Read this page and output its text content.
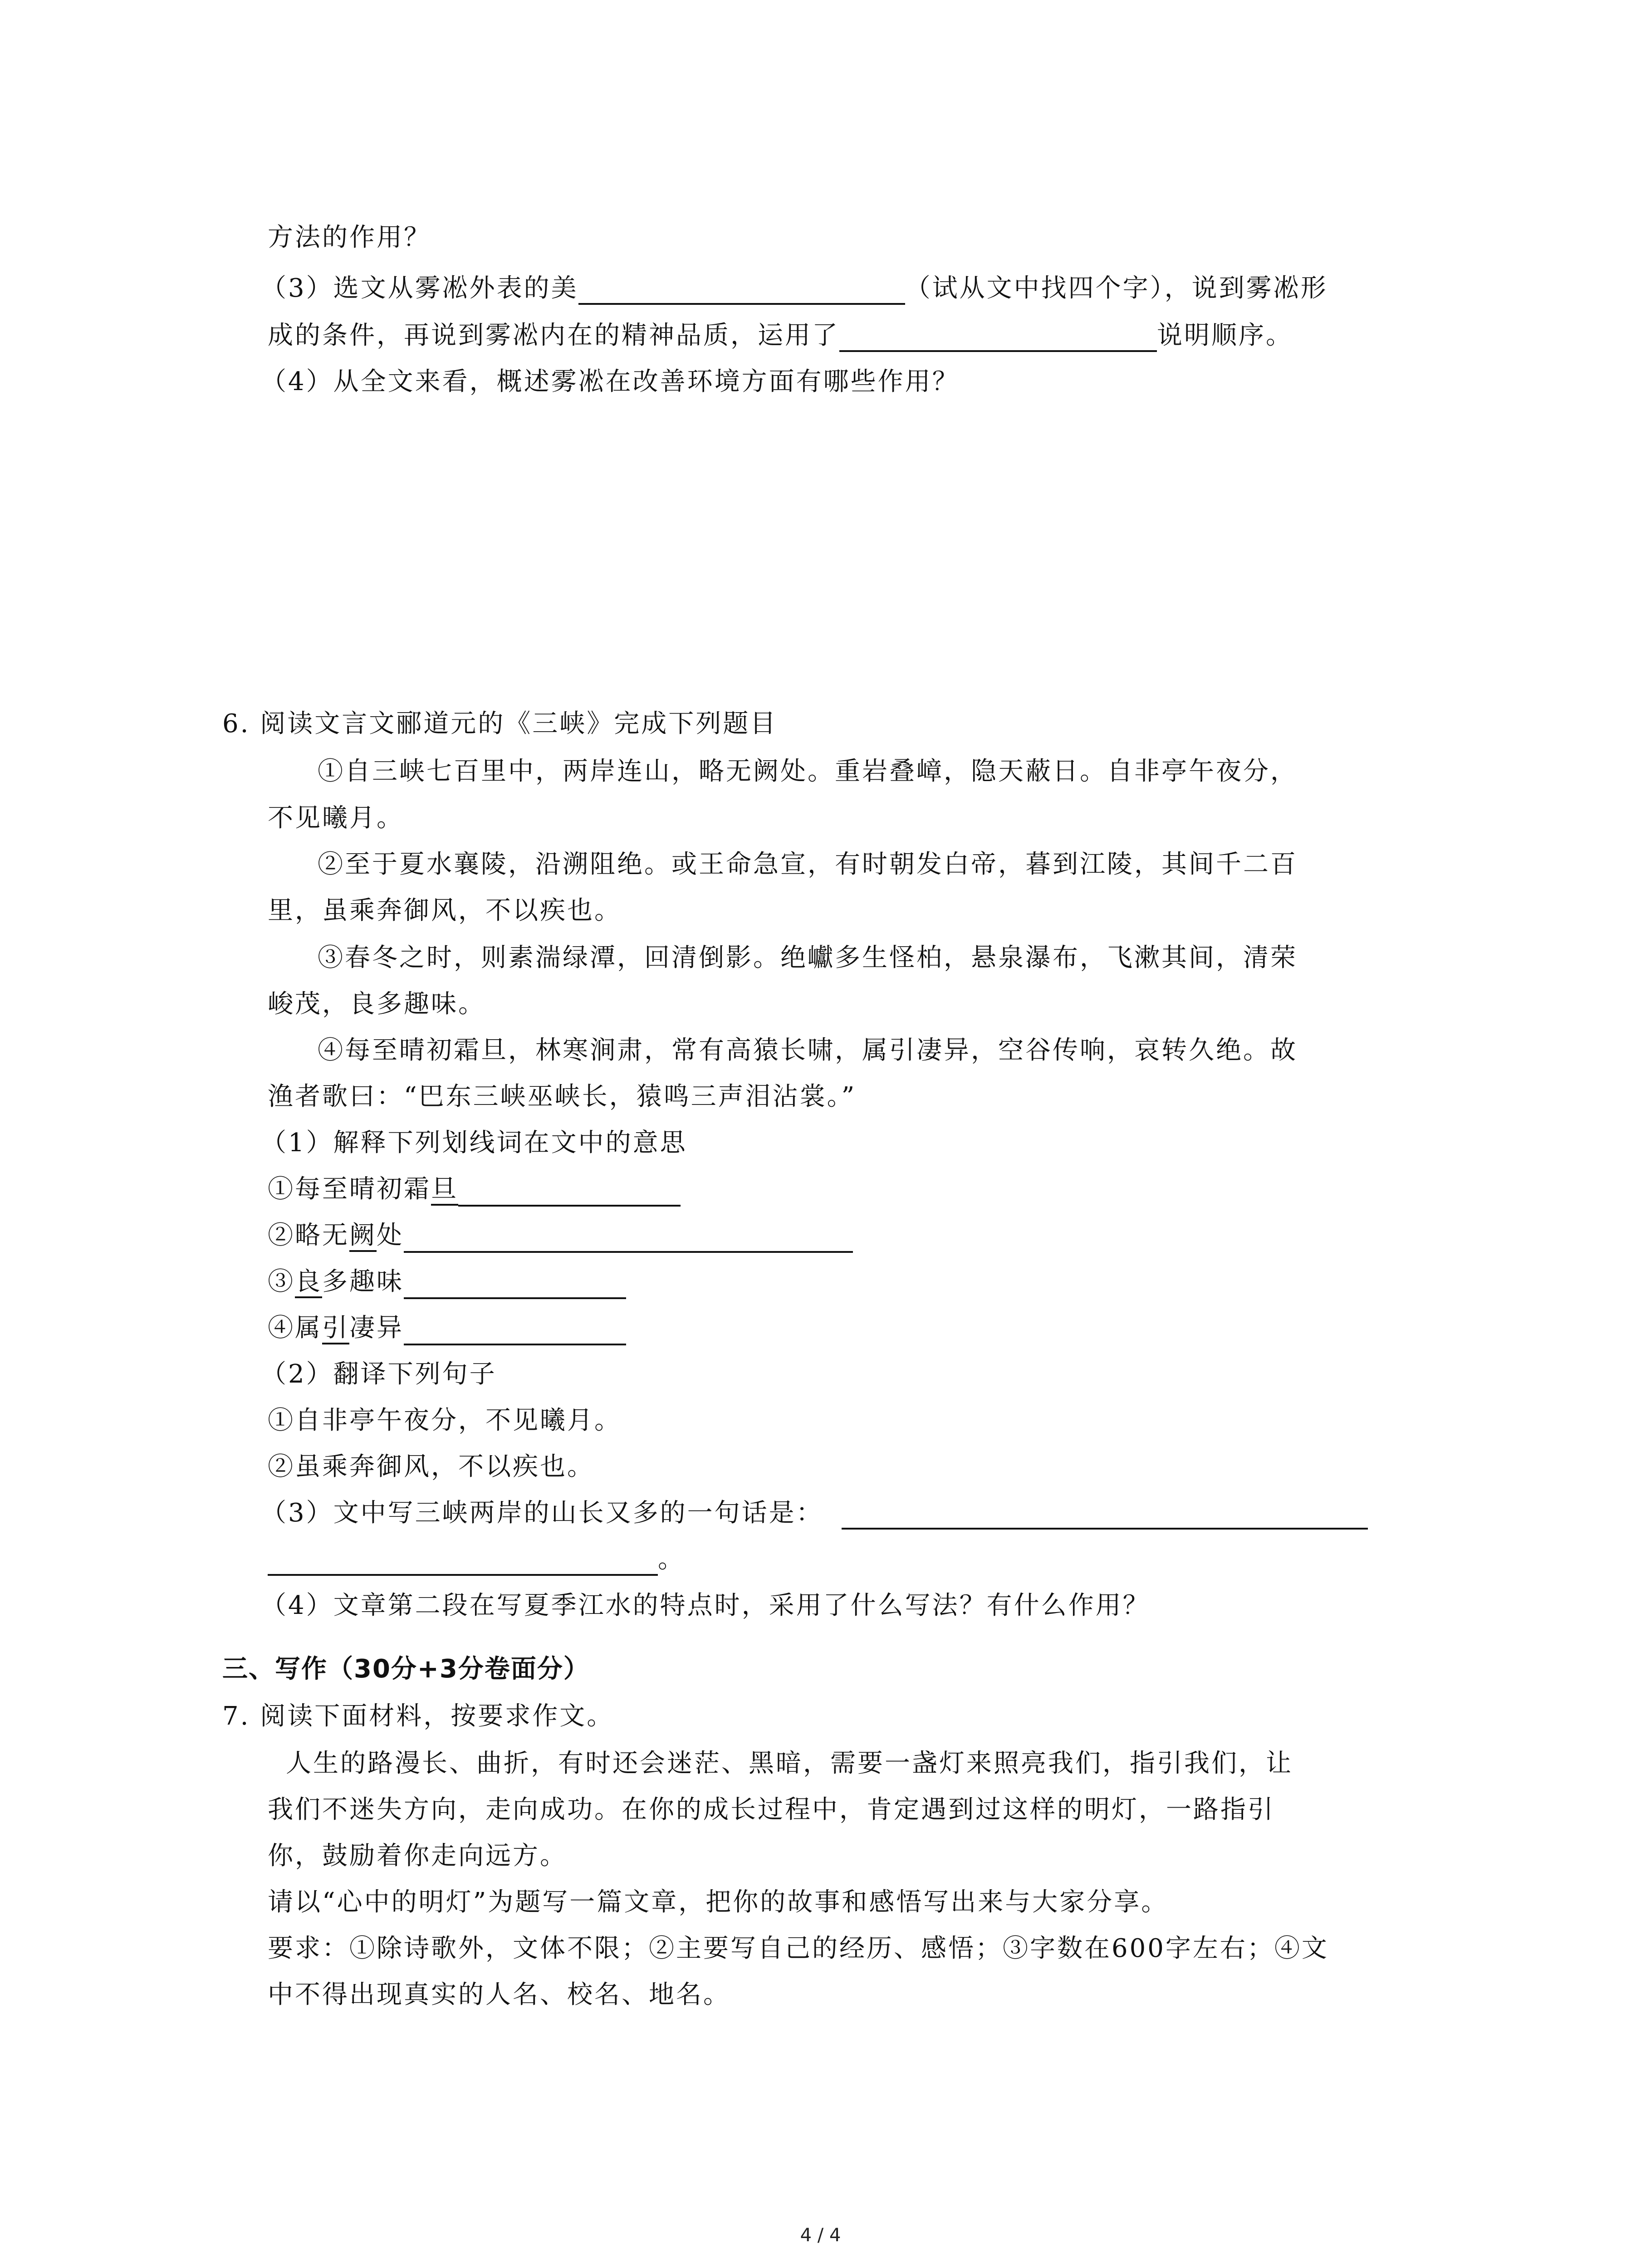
方法的作用？
（3）选文从雾凇外表的美	（试从文中找四个字），说到雾凇形
成的条件，再说到雾凇内在的精神品质，运用了	说明顺序。
（4）从全文来看，概述雾凇在改善环境方面有哪些作用？
6. 阅读文言文郦道元的《三峡》完成下列题目
①自三峡七百里中，两岸连山，略无阙处。重岩叠嶂，隐天蔽日。自非亭午夜分，
不见曦月。
②至于夏水襄陵，沿溯阻绝。或王命急宣，有时朝发白帝，暮到江陵，其间千二百
里，虽乘奔御风，不以疾也。
③春冬之时，则素湍绿潭，回清倒影。绝巘多生怪柏，悬泉瀑布，飞漱其间，清荣
峻茂，良多趣味。
④每至晴初霜旦，林寒涧肃，常有高猿长啸，属引凄异，空谷传响，哀转久绝。故
渔者歌曰：“巴东三峡巫峡长，猿鸣三声泪沾裳。”
（1）解释下列划线词在文中的意思
①每至晴初霜旦
②略无阙处
③良多趣味
④属引凄异
（2）翻译下列句子
①自非亭午夜分，不见曦月。
②虽乘奔御风，不以疾也。
（3）文中写三峡两岸的山长又多的一句话是：
。
（4）文章第二段在写夏季江水的特点时，采用了什么写法？有什么作用？
三、写作（30分+3分卷面分）
7. 阅读下面材料，按要求作文。
人生的路漫长、曲折，有时还会迷茫、黑暗，需要一盏灯来照亮我们，指引我们，让
我们不迷失方向，走向成功。在你的成长过程中，肯定遇到过这样的明灯，一路指引
你，鼓励着你走向远方。
请以“心中的明灯”为题写一篇文章，把你的故事和感悟写出来与大家分享。
要求：①除诗歌外，文体不限；②主要写自己的经历、感悟；③字数在600字左右；④文
中不得出现真实的人名、校名、地名。
4 / 4
